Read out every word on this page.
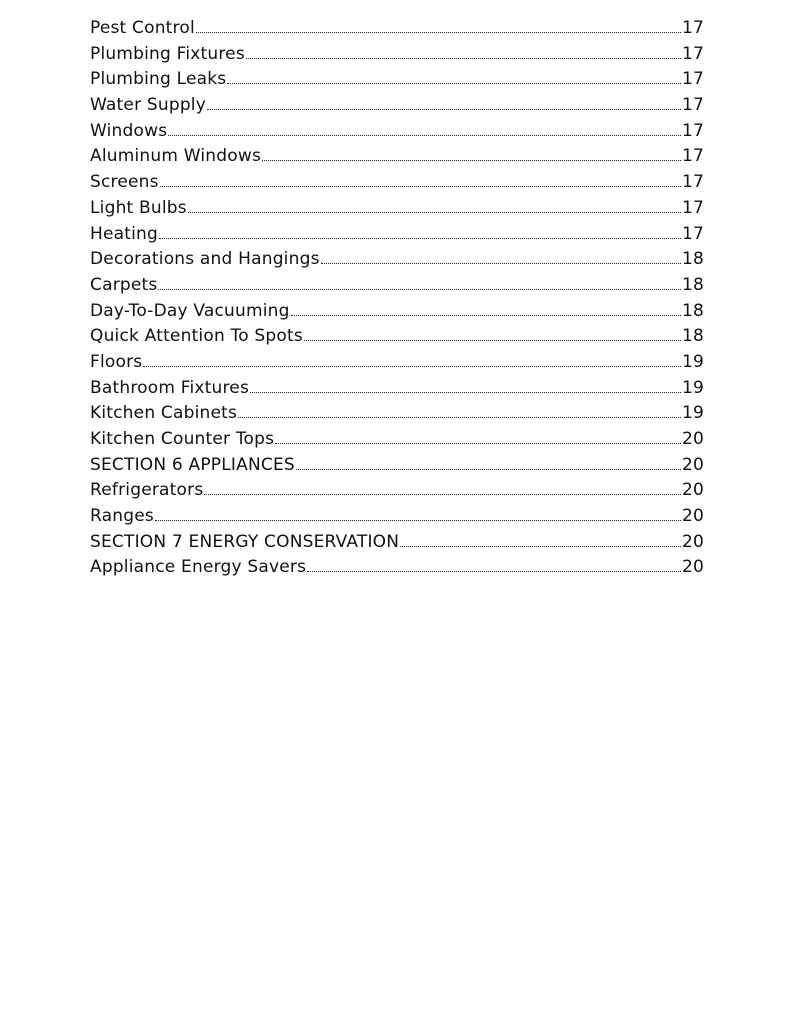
Pest Control	17
Plumbing Fixtures	17
Plumbing Leaks	17
Water Supply	17
Windows	17
Aluminum Windows	17
Screens	17
Light Bulbs	17
Heating	17
Decorations and Hangings	18
Carpets	18
Day-To-Day Vacuuming	18
Quick Attention To Spots	18
Floors	19
Bathroom Fixtures	19
Kitchen Cabinets	19
Kitchen Counter Tops	20
SECTION 6 APPLIANCES	20
Refrigerators	20
Ranges	20
SECTION 7 ENERGY CONSERVATION	20
Appliance Energy Savers	20
